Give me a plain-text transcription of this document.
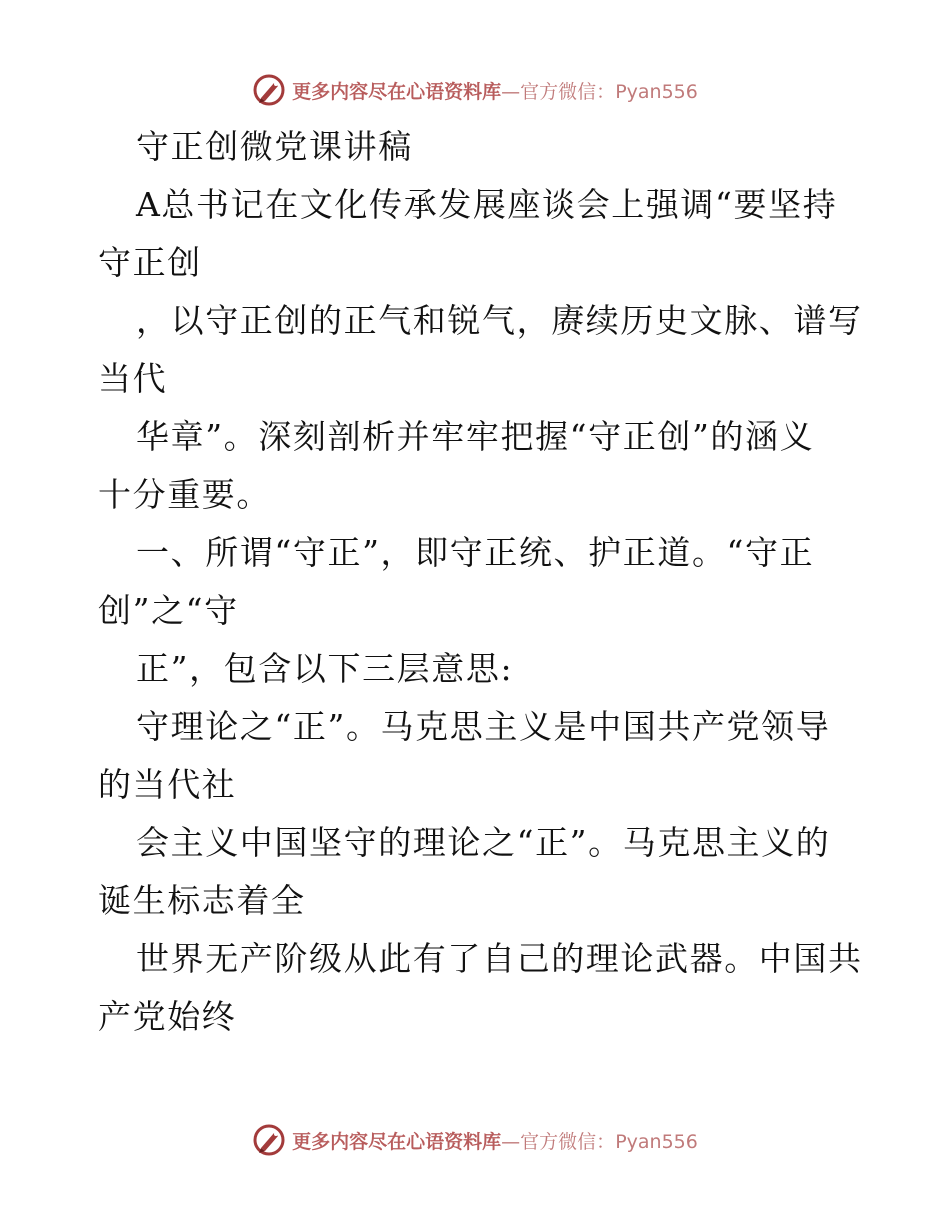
更多内容尽在心语资料库—官方微信：Pyan556
守正创微党课讲稿
A总书记在文化传承发展座谈会上强调“要坚持
守正创
，以守正创的正气和锐气，赓续历史文脉、谱写
当代
华章”。深刻剖析并牢牢把握“守正创”的涵义
十分重要。
一、所谓“守正”，即守正统、护正道。“守正
创”之“守
正”，包含以下三层意思:
守理论之“正”。马克思主义是中国共产党领导
的当代社
会主义中国坚守的理论之“正”。马克思主义的
诞生标志着全
世界无产阶级从此有了自己的理论武器。中国共
产党始终
更多内容尽在心语资料库—官方微信：Pyan556
